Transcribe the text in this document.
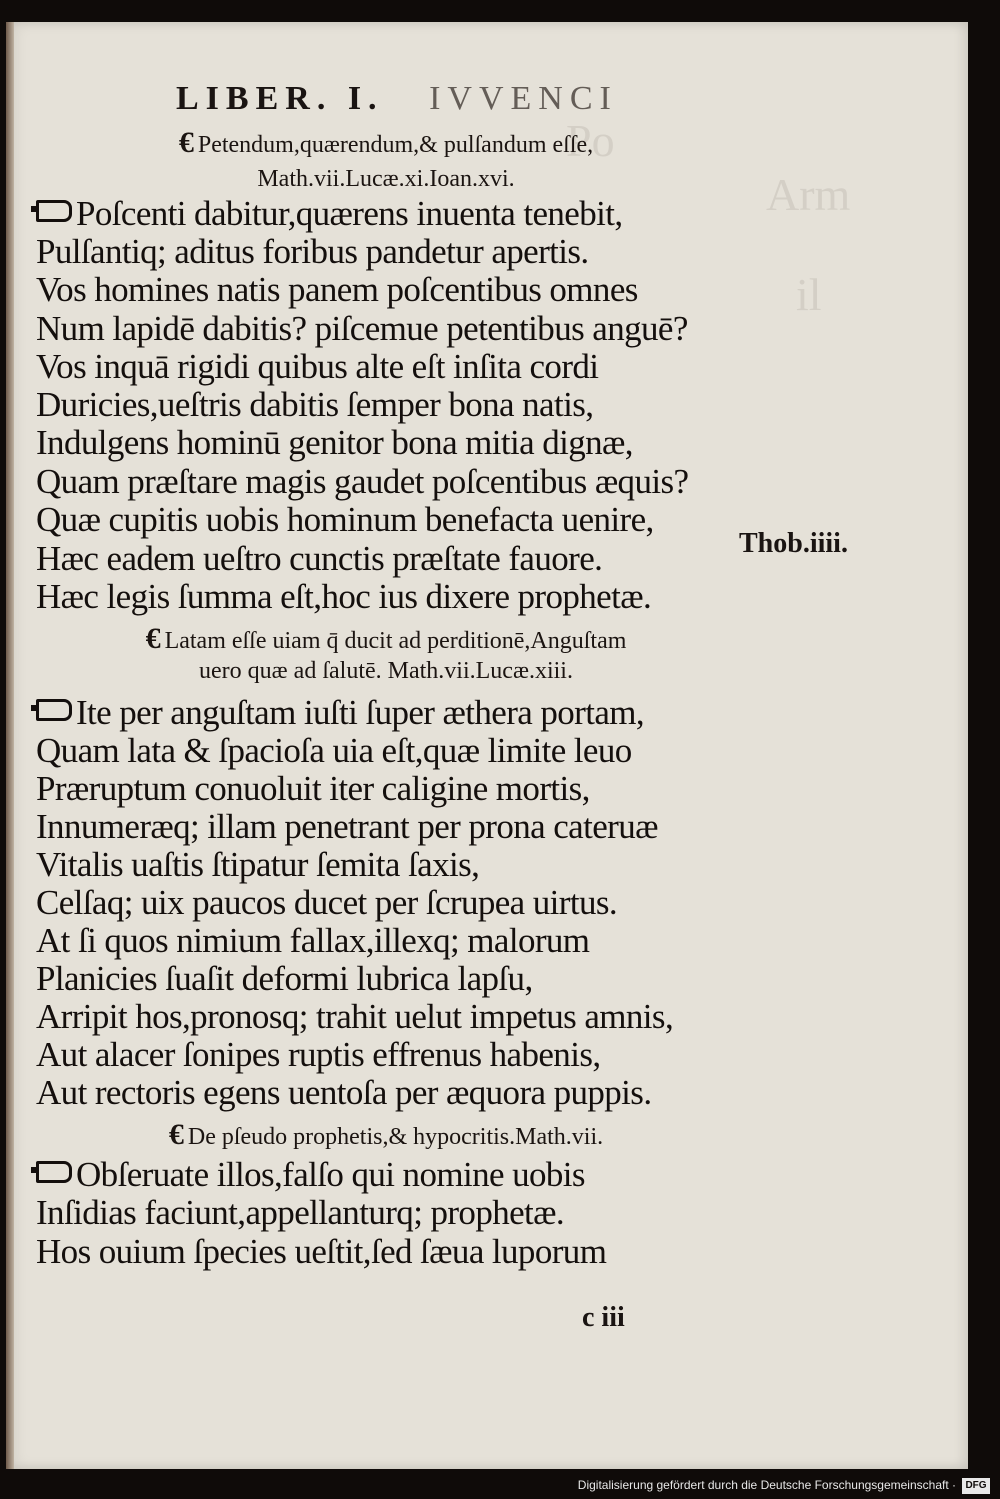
Po
Arm
il
LIBER. I. IVVENCI
€ Petendum,quærendum,& pulſandum eſſe,
Math.vii.Lucæ.xi.Ioan.xvi.
Poſcenti dabitur,quærens inuenta tenebit,
Pulſantiq; aditus foribus pandetur apertis.
Vos homines natis panem poſcentibus omnes
Num lapidē dabitis? piſcemue petentibus anguē?
Vos inquā rigidi quibus alte eſt inſita cordi
Duricies,ueſtris dabitis ſemper bona natis,
Indulgens hominū genitor bona mitia dignæ,
Quam præſtare magis gaudet poſcentibus æquis?
Quæ cupitis uobis hominum benefacta uenire,
Hæc eadem ueſtro cunctis præſtate fauore.
Hæc legis ſumma eſt,hoc ius dixere prophetæ.
€ Latam eſſe uiam q̄ ducit ad perditionē,Anguſtam
uero quæ ad ſalutē. Math.vii.Lucæ.xiii.
Ite per anguſtam iuſti ſuper æthera portam,
Quam lata & ſpacioſa uia eſt,quæ limite leuo
Præruptum conuoluit iter caligine mortis,
Innumeræq; illam penetrant per prona cateruæ
Vitalis uaſtis ſtipatur ſemita ſaxis,
Celſaq; uix paucos ducet per ſcrupea uirtus.
At ſi quos nimium fallax,illexq; malorum
Planicies ſuaſit deformi lubrica lapſu,
Arripit hos,pronosq; trahit uelut impetus amnis,
Aut alacer ſonipes ruptis effrenus habenis,
Aut rectoris egens uentoſa per æquora puppis.
€ De pſeudo prophetis,& hypocritis.Math.vii.
Obſeruate illos,falſo qui nomine uobis
Inſidias faciunt,appellanturq; prophetæ.
Hos ouium ſpecies ueſtit,ſed ſæua luporum
Thob.iiii.
c iii
Digitalisierung gefördert durch die Deutsche Forschungsgemeinschaft · DFG
